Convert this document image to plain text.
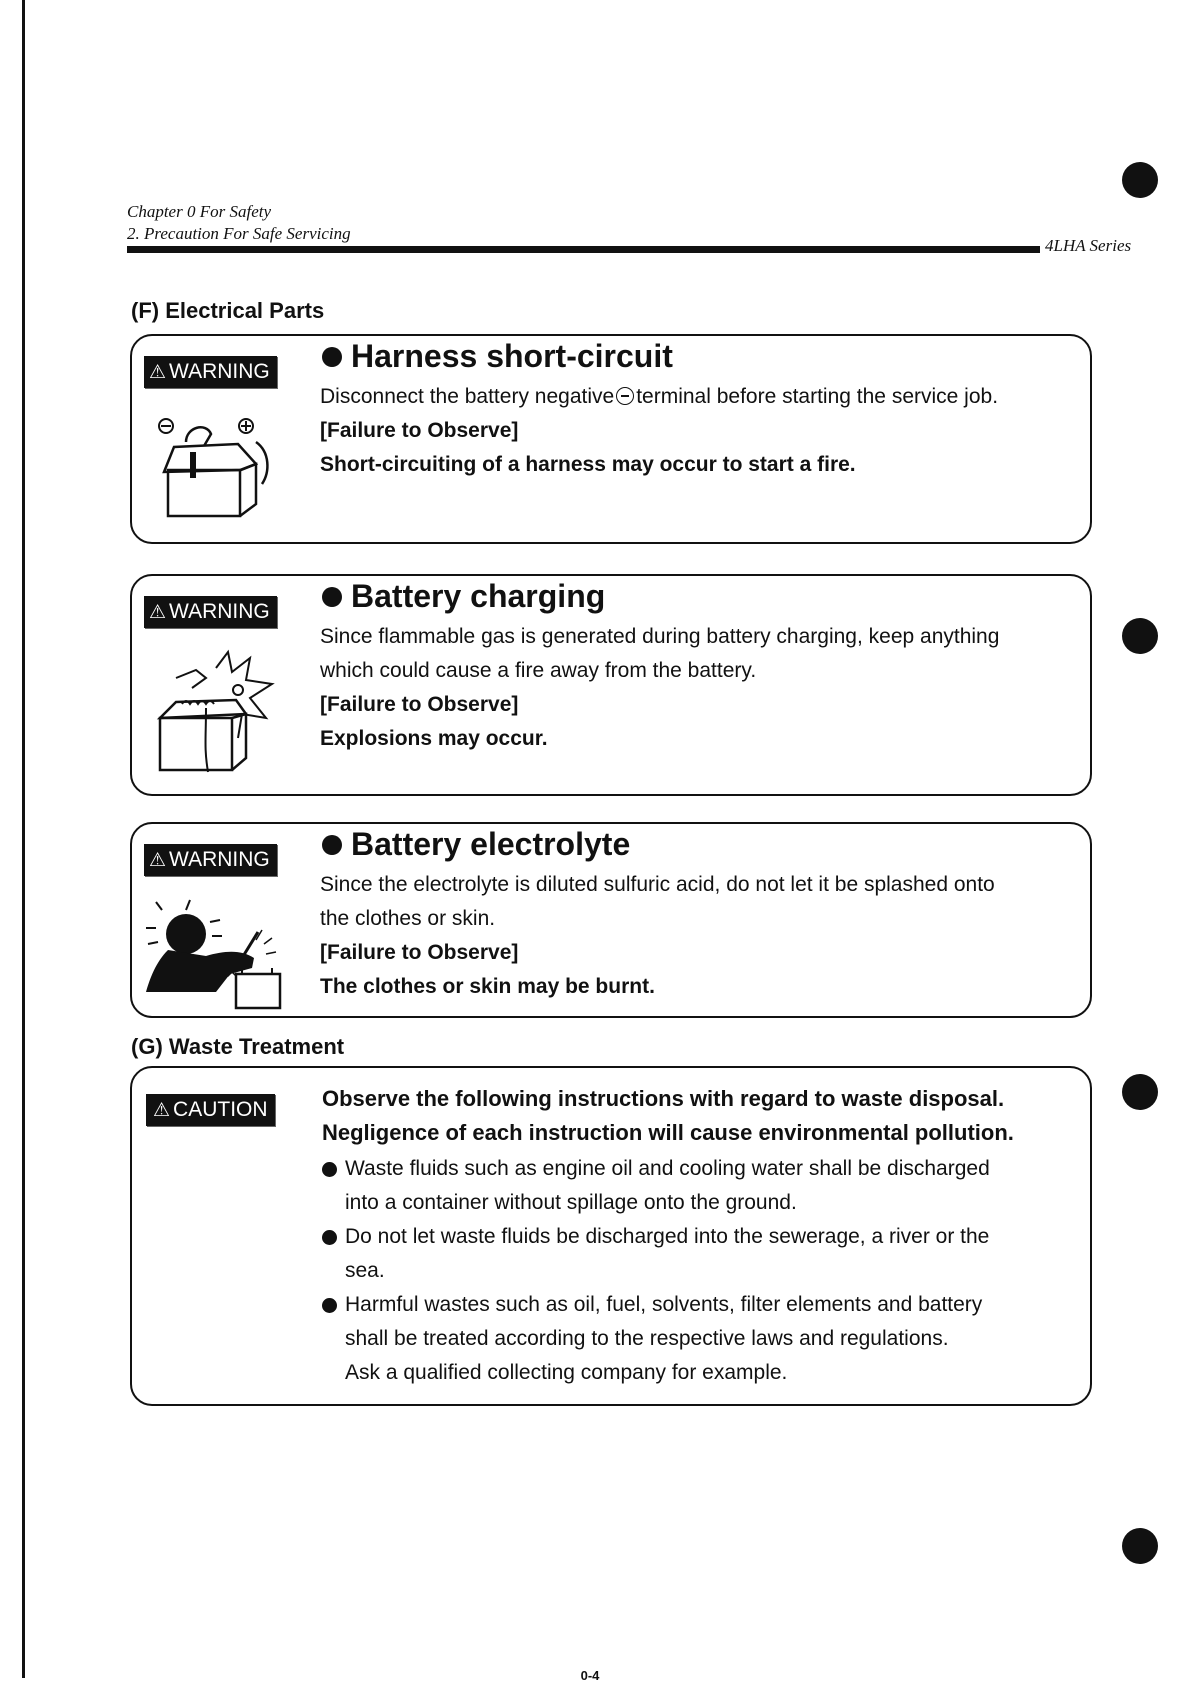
Chapter 0 For Safety
2. Precaution For Safe Servicing
4LHA Series
(F) Electrical Parts
⚠ WARNING	Harness short-circuit
Disconnect the battery negative terminal before starting the service job.
[Failure to Observe]
Short-circuiting of a harness may occur to start a fire.
⚠ WARNING	Battery charging
Since flammable gas is generated during battery charging, keep anything
which could cause a fire away from the battery.
[Failure to Observe]
Explosions may occur.
⚠ WARNING	Battery electrolyte
Since the electrolyte is diluted sulfuric acid, do not let it be splashed onto
the clothes or skin.
[Failure to Observe]
The clothes or skin may be burnt.
(G) Waste Treatment
⚠ CAUTION	Observe the following instructions with regard to waste disposal.
Negligence of each instruction will cause environmental pollution.
Waste fluids such as engine oil and cooling water shall be discharged
into a container without spillage onto the ground.
Do not let waste fluids be discharged into the sewerage, a river or the
sea.
Harmful wastes such as oil, fuel, solvents, filter elements and battery
shall be treated according to the respective laws and regulations.
Ask a qualified collecting company for example.
0-4
